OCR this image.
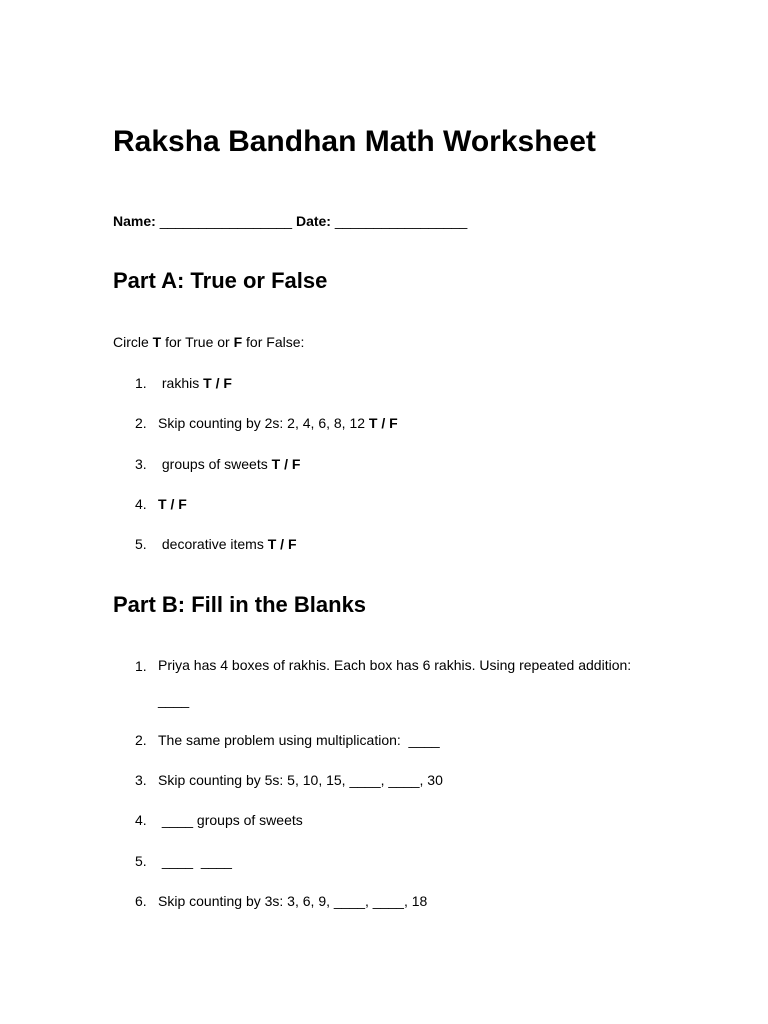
Raksha Bandhan Math Worksheet
Name: _________________ Date: _________________
Part A: True or False
Circle T for True or F for False:
1. rakhis T / F
2. Skip counting by 2s: 2, 4, 6, 8, 12 T / F
3. groups of sweets T / F
4. T / F
5. decorative items T / F
Part B: Fill in the Blanks
1. Priya has 4 boxes of rakhis. Each box has 6 rakhis. Using repeated addition: ____
2. The same problem using multiplication:  ____
3. Skip counting by 5s: 5, 10, 15, ____, ____, 30
4. ____ groups of sweets
5. ____  ____
6. Skip counting by 3s: 3, 6, 9, ____, ____, 18
